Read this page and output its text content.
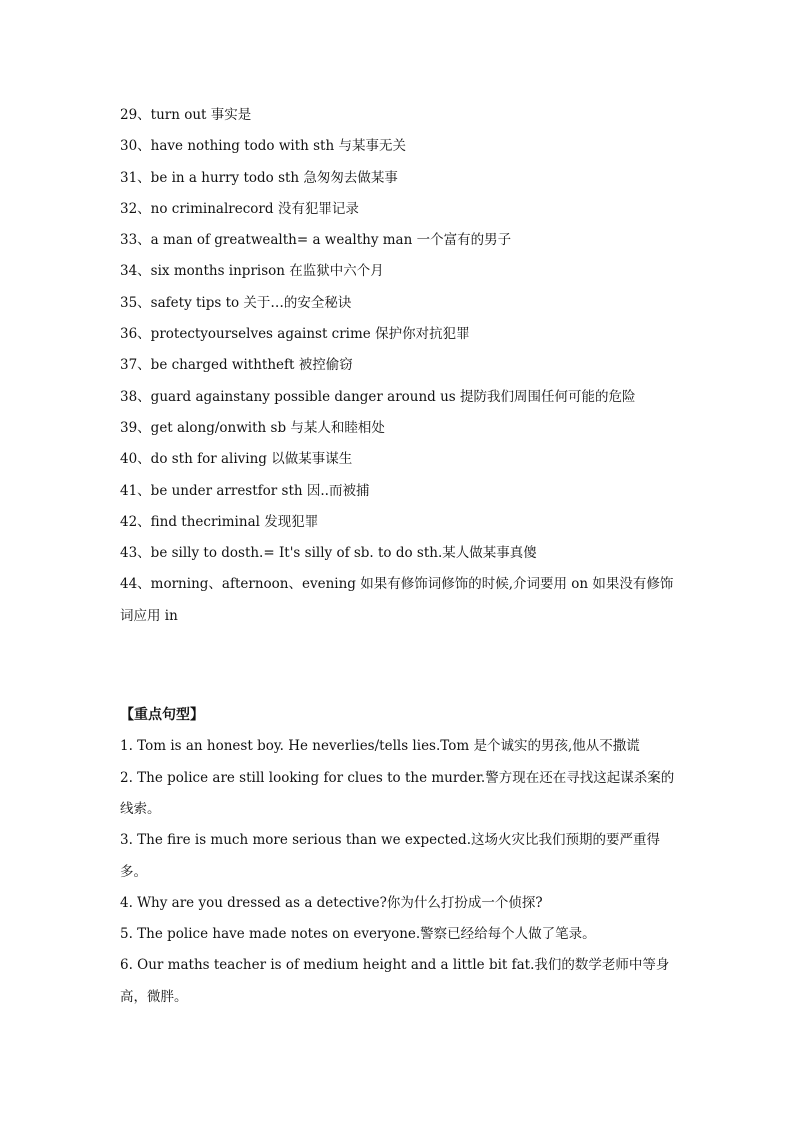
29、turn out 事实是

30、have nothing todo with sth 与某事无关

31、be in a hurry todo sth 急匆匆去做某事

32、no criminalrecord 没有犯罪记录

33、a man of greatwealth= a wealthy man 一个富有的男子

34、six months inprison 在监狱中六个月

35、safety tips to 关于…的安全秘诀

36、protectyourselves against crime 保护你对抗犯罪

37、be charged withtheft 被控偷窃

38、guard againstany possible danger around us 提防我们周围任何可能的危险

39、get along/onwith sb 与某人和睦相处

40、do sth for aliving 以做某事谋生

41、be under arrestfor sth 因..而被捕

42、find thecriminal 发现犯罪

43、be silly to dosth.= It's silly of sb. to do sth.某人做某事真傻

44、morning、afternoon、evening 如果有修饰词修饰的时候,介词要用 on 如果没有修饰词应用 in

【重点句型】

1. Tom is an honest boy. He neverlies/tells lies.Tom 是个诚实的男孩,他从不撒谎

2. The police are still looking for clues to the murder.警方现在还在寻找这起谋杀案的线索。

3. The fire is much more serious than we expected.这场火灾比我们预期的要严重得多。

4. Why are you dressed as a detective?你为什么打扮成一个侦探?

5. The police have made notes on everyone.警察已经给每个人做了笔录。

6. Our maths teacher is of medium height and a little bit fat.我们的数学老师中等身高，微胖。
